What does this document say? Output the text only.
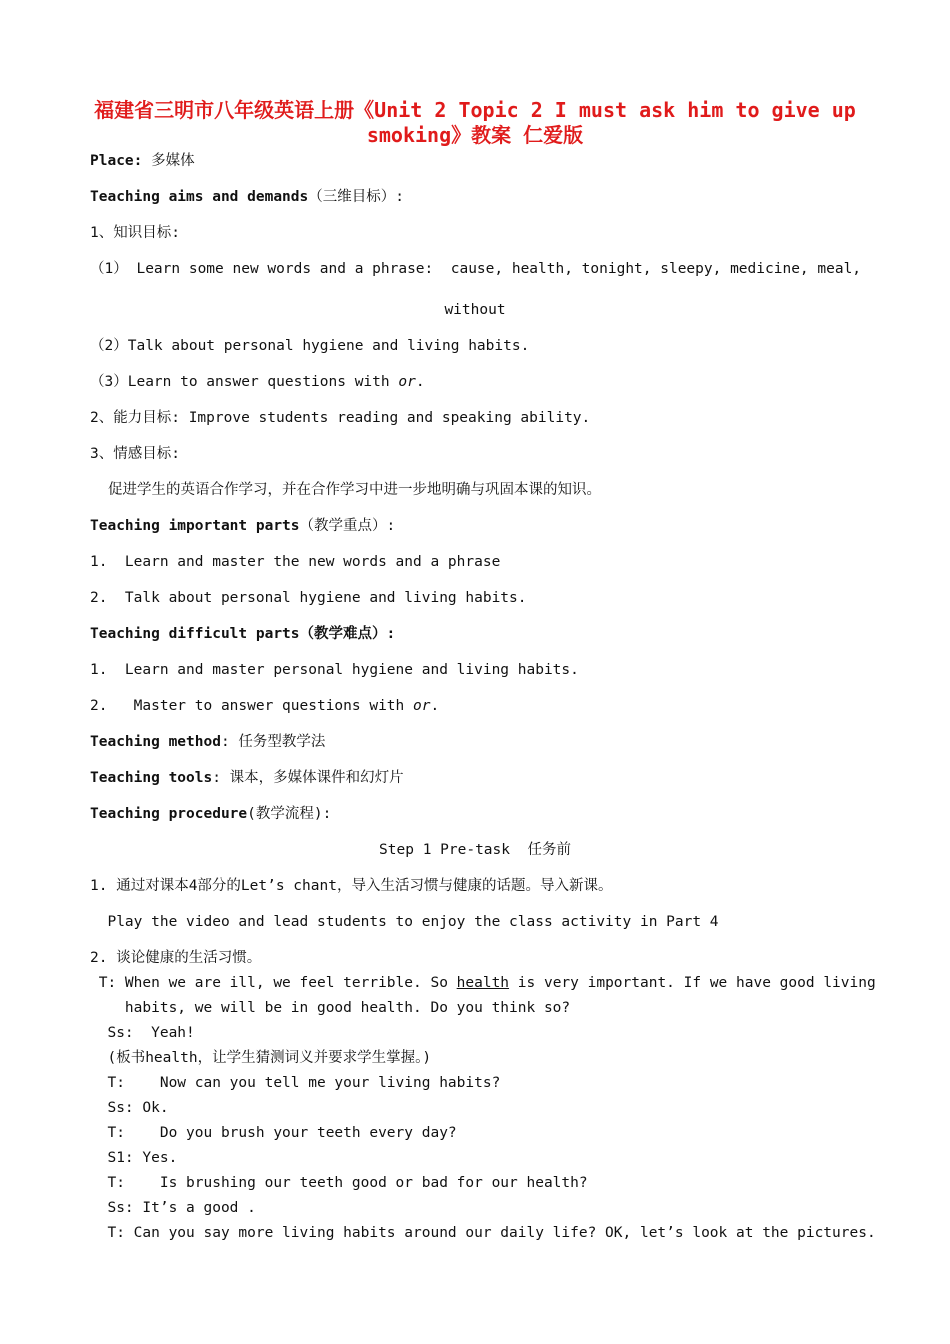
福建省三明市八年级英语上册《Unit 2 Topic 2 I must ask him to give up
smoking》教案 仁爱版
Place: 多媒体
Teaching aims and demands（三维目标）:
1、知识目标:
（1） Learn some new words and a phrase:  cause, health, tonight, sleepy, medicine, meal,
without
（2）Talk about personal hygiene and living habits.
（3）Learn to answer questions with or.
2、能力目标: Improve students reading and speaking ability.
3、情感目标:
促进学生的英语合作学习，并在合作学习中进一步地明确与巩固本课的知识。
Teaching important parts（教学重点）:
1.  Learn and master the new words and a phrase
2.  Talk about personal hygiene and living habits.
Teaching difficult parts（教学难点）:
1.  Learn and master personal hygiene and living habits.
2.   Master to answer questions with or.
Teaching method: 任务型教学法
Teaching tools: 课本，多媒体课件和幻灯片
Teaching procedure(教学流程):
Step 1 Pre-task  任务前
1. 通过对课本4部分的Let’s chant，导入生活习惯与健康的话题。导入新课。
Play the video and lead students to enjoy the class activity in Part 4
2. 谈论健康的生活习惯。
T: When we are ill, we feel terrible. So health is very important. If we have good living
habits, we will be in good health. Do you think so?
Ss:  Yeah!
(板书health，让学生猜测词义并要求学生掌握。)
T:    Now can you tell me your living habits?
Ss: Ok.
T:    Do you brush your teeth every day?
S1: Yes.
T:    Is brushing our teeth good or bad for our health?
Ss: It’s a good .
T: Can you say more living habits around our daily life? OK, let’s look at the pictures.
